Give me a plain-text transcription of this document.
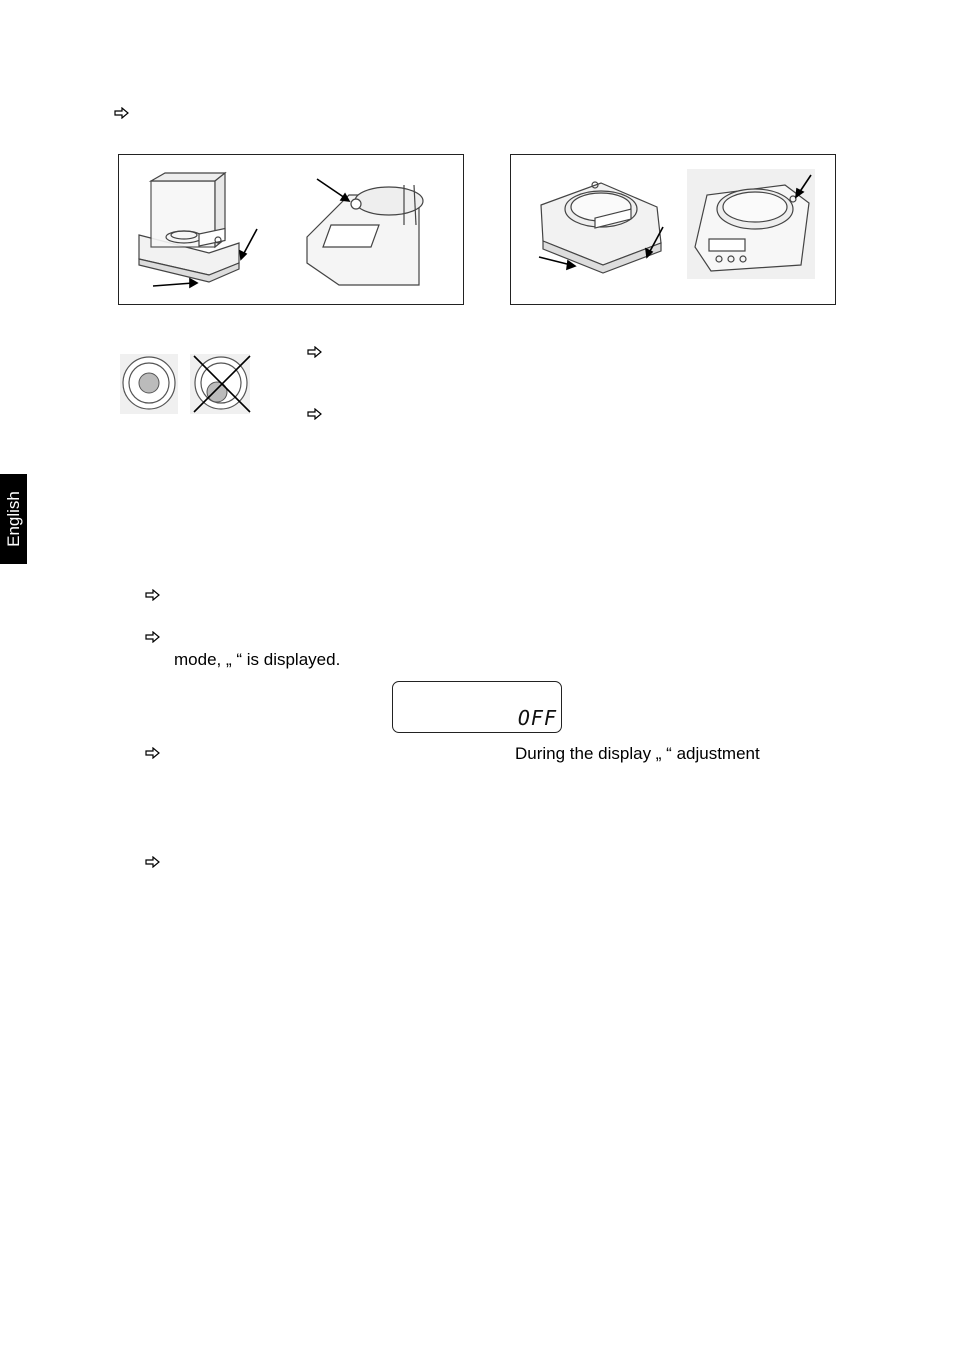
English
mode, „ “ is displayed.
OFF
During the display „ “ adjustment
